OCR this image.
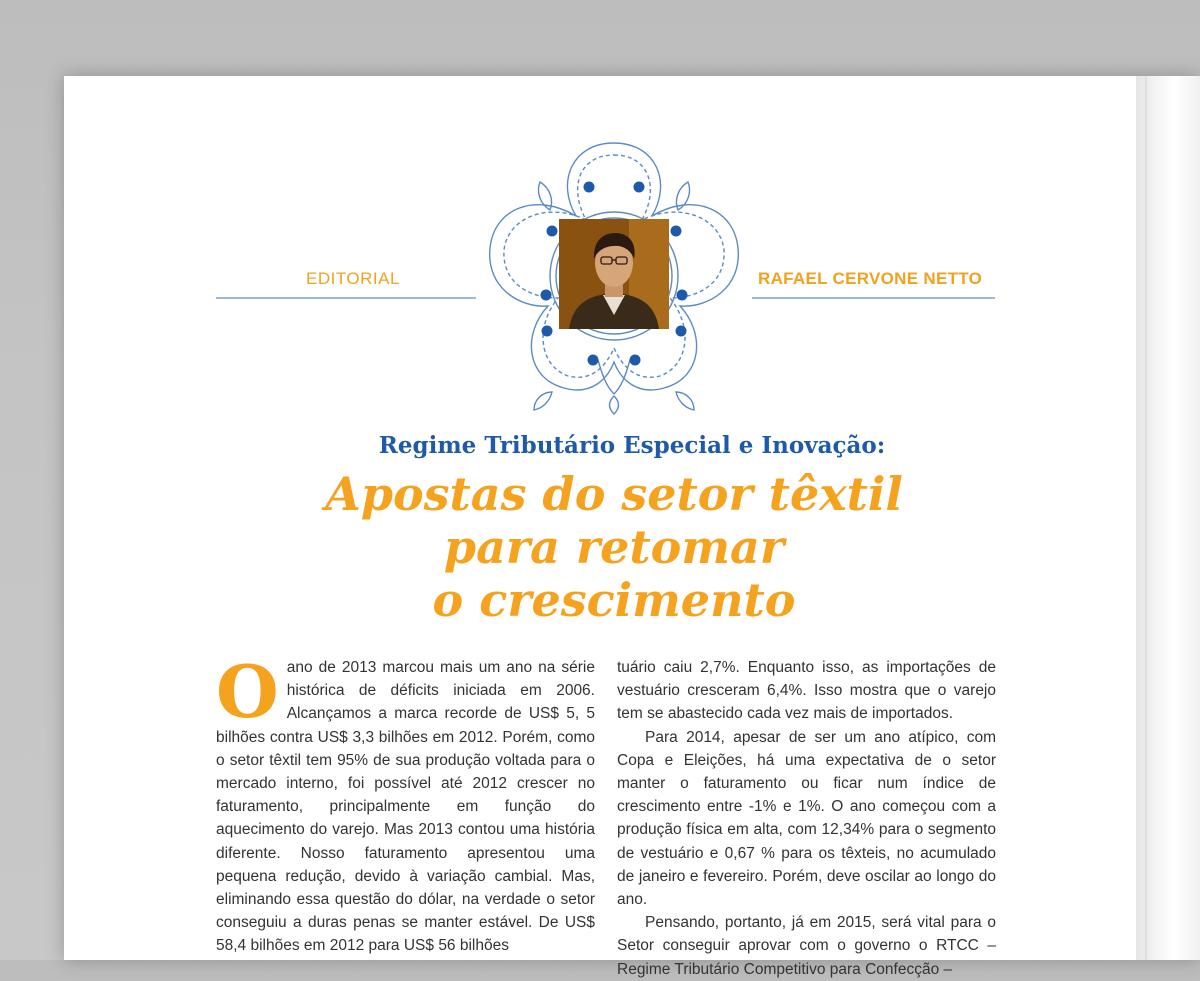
EDITORIAL	RAFAEL CERVONE NETTO
Regime Tributário Especial e Inovação:
Apostas do setor têxtil
para retomar
o crescimento
O ano de 2013 marcou mais um ano na série histórica de déficits iniciada em 2006. Alcançamos a marca recorde de US$ 5, 5 bilhões contra US$ 3,3 bilhões em 2012. Porém, como o setor têxtil tem 95% de sua produção voltada para o mercado interno, foi possível até 2012 crescer no faturamento, principalmente em função do aquecimento do varejo. Mas 2013 contou uma história diferente. Nosso faturamento apresentou uma pequena redução, devido à variação cambial. Mas, eliminando essa questão do dólar, na verdade o setor conseguiu a duras penas se manter estável. De US$ 58,4 bilhões em 2012 para US$ 56 bilhões

tuário caiu 2,7%. Enquanto isso, as importações de vestuário cresceram 6,4%. Isso mostra que o varejo tem se abastecido cada vez mais de importados.

Para 2014, apesar de ser um ano atípico, com Copa e Eleições, há uma expectativa de o setor manter o faturamento ou ficar num índice de crescimento entre -1% e 1%. O ano começou com a produção física em alta, com 12,34% para o segmento de vestuário e 0,67 % para os têxteis, no acumulado de janeiro e fevereiro. Porém, deve oscilar ao longo do ano.

Pensando, portanto, já em 2015, será vital para o Setor conseguir aprovar com o governo o RTCC – Regime Tributário Competitivo para Confecção –
